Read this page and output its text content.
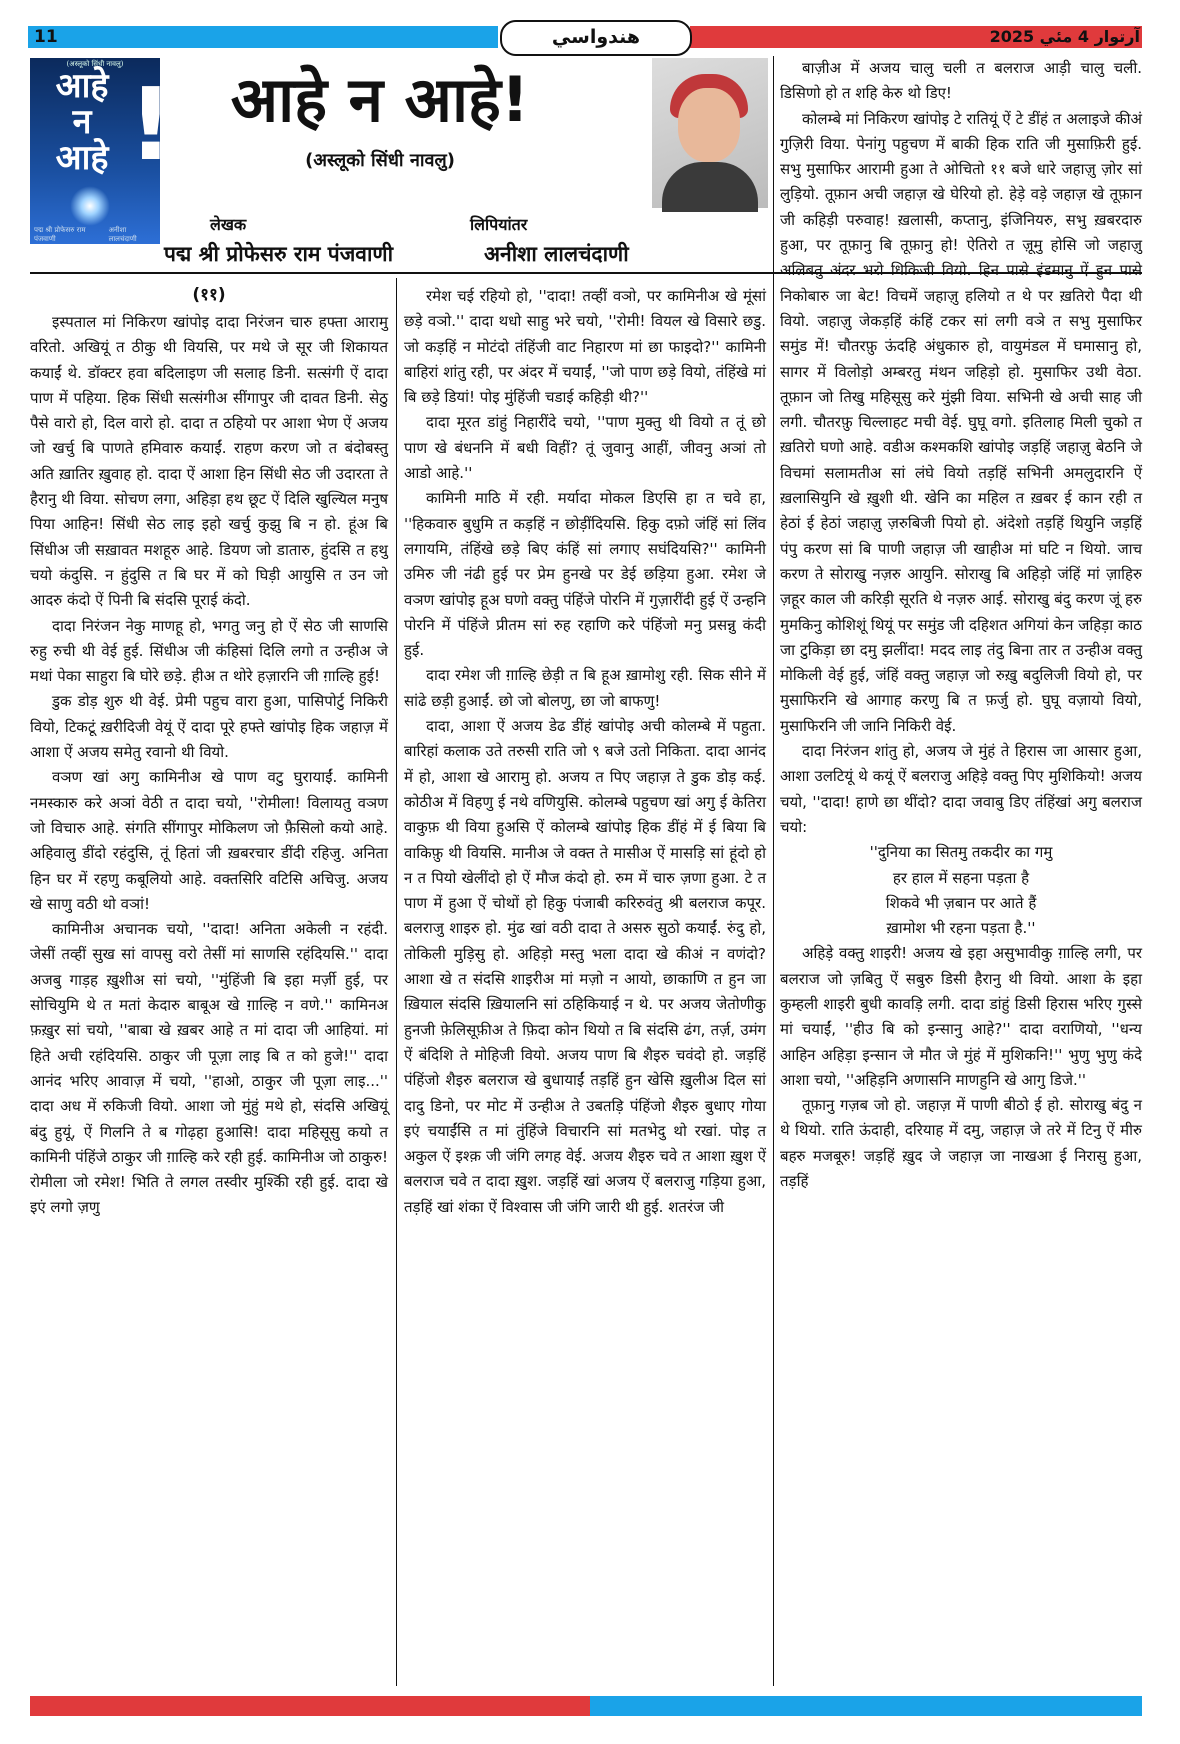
11	هندواسي	آرتوار 4 مئي 2025
(अस्लूको सिंधी नावलु)
आहे
न
आहे !
पद्म श्री प्रोफेसरु राम पंजवाणी
अनीशा लालचंदाणी
आहे न आहे!
(अस्लूको सिंधी नावलु)
लेखक	लिपियांतर
पद्म श्री प्रोफेसरु राम पंजवाणी	अनीशा लालचंदाणी
(११)

इस्पताल मां निकिरण खांपोइ दादा निरंजन चारु हफ्ता आरामु वरितो. अखियूं त ठीकु थी वियसि, पर मथे जे सूर जी शिकायत कयाईं थे. डॉक्टर हवा बदिलाइण जी सलाह डिनी. सत्संगी ऐं दादा पाण में पहिया. हिक सिंधी सत्संगीअ सींगापुर जी दावत डिनी. सेठु पैसे वारो हो, दिल वारो हो. दादा त ठहियो पर आशा भेण ऐं अजय जो खर्चु बि पाणते हमिवारु कयाईं. राहण करण जो त बंदोबस्तु अति ख़ातिर ख़ुवाह हो. दादा ऐं आशा हिन सिंधी सेठ जी उदारता ते हैरानु थी विया. सोचण लगा, अहिड़ा हथ छूट ऐं दिलि खुल्यिल मनुष पिया आहिन! सिंधी सेठ लाइ इहो खर्चु कुझु बि न हो. हूंअ बि सिंधीअ जी सख़ावत मशहूरु आहे. डियण जो डातारु, हुंदसि त हथु चयो कंदुसि. न हुंदुसि त बि घर में को घिड़ी आयुसि त उन जो आदरु कंदो ऐं पिनी बि संदसि पूराई कंदो.

दादा निरंजन नेकु माणहू हो, भगतु जनु हो ऐं सेठ जी साणसि रुहु रुची थी वेई हुई. सिंधीअ जी कंहिसां दिलि लगो त उन्हीअ जे मथां पेका साहुरा बि घोरे छड़े. हीअ त थोरे हज़ारनि जी ग़ाल्हि हुई!

डुक डोड़ शुरु थी वेई. प्रेमी पहुच वारा हुआ, पासिपोर्टु निकिरी वियो, टिकटूं ख़रीदिजी वेयूं ऐं दादा पूरे हफ्ते खांपोइ हिक जहाज़ में आशा ऐं अजय समेतु रवानो थी वियो.

वञण खां अगु कामिनीअ खे पाण वटु घुरायाईं. कामिनी नमस्कारु करे अञां वेठी त दादा चयो, ''रोमीला! विलायतु वञण जो विचारु आहे. संगति सींगापुर मोकिलण जो फ़ैसिलो कयो आहे. अहिवालु डींदो रहंदुसि, तूं हितां जी ख़बरचार डींदी रहिजु. अनिता हिन घर में रहणु कबूलियो आहे. वक्तसिरि वटिसि अचिजु. अजय खे साणु वठी थो वञां!

कामिनीअ अचानक चयो, ''दादा! अनिता अकेली न रहंदी. जेसीं तव्हीं सुख सां वापसु वरो तेसीं मां साणसि रहंदियसि.'' दादा अजबु गाड़ह ख़ुशीअ सां चयो, ''मुंहिंजी बि इहा मर्ज़ी हुई, पर सोचियुमि थे त मतां केदारु बाबूअ खे ग़ाल्हि न वणे.'' कामिनअ फ़ख़ुर सां चयो, ''बाबा खे ख़बर आहे त मां दादा जी आहियां. मां हिते अची रहंदियसि. ठाकुर जी पूज़ा लाइ बि त को हुजे!'' दादा आनंद भरिए आवाज़ में चयो, ''हाओ, ठाकुर जी पूज़ा लाइ...'' दादा अध में रुकिजी वियो. आशा जो मुंहुं मथे हो, संदसि अखियूं बंदु हुयूं, ऐं गिलनि ते ब गोढ़हा हुआसि! दादा महिसूसु कयो त कामिनी पंहिंजे ठाकुर जी ग़ाल्हि करे रही हुई. कामिनीअ जो ठाकुरु! रोमीला जो रमेश! भिति ते लगल तस्वीर मुश्किी रही हुई. दादा खे इएं लगो ज़णु

रमेश चई रहियो हो, ''दादा! तव्हीं वञो, पर कामिनीअ खे मूंसां छड़े वञो.'' दादा थधो साहु भरे चयो, ''रोमी! वियल खे विसारे छडु. जो कड़हिं न मोटंदो तंहिंजी वाट निहारण मां छा फाइदो?'' कामिनी बाहिरां शांतु रही, पर अंदर में चयाईं, ''जो पाण छड़े वियो, तंहिंखे मां बि छड़े डियां! पोइ मुंहिंजी चडाई कहिड़ी थी?''

दादा मूरत डांहुं निहारींदे चयो, ''पाण मुक्तु थी वियो त तूं छो पाण खे बंधननि में बधी विहीं? तूं जुवानु आहीं, जीवनु अञां तो आडो आहे.''

कामिनी माठि में रही. मर्यादा मोकल डिएसि हा त चवे हा, ''हिकवारु बुधुमि त कड़हिं न छोड़ींदियसि. हिकु दफ़ो जंहिं सां लिंव लगायमि, तंहिंखे छड़े बिए कंहिं सां लगाए सघंदियसि?'' कामिनी उमिरु जी नंढी हुई पर प्रेम हुनखे पर डेई छड़िया हुआ. रमेश जे वञण खांपोइ हूअ घणो वक्तु पंहिंजे पोरनि में गुज़ारींदी हुई ऐं उन्हनि पोरनि में पंहिंजे प्रीतम सां रुह रहाणि करे पंहिंजो मनु प्रसन्नु कंदी हुई.

दादा रमेश जी ग़ाल्हि छेड़ी त बि हूअ ख़ामोशु रही. सिक सीने में सांढे छड़ी हुआईं. छो जो बोलणु, छा जो बाफणु!

दादा, आशा ऐं अजय डेढ डींहं खांपोइ अची कोलम्बे में पहुता. बारिहां कलाक उते तरुसी राति जो ९ बजे उतो निकिता. दादा आनंद में हो, आशा खे आरामु हो. अजय त पिए जहाज़ ते डुक डोड़ कई. कोठीअ में विहणु ई नथे वणियुसि. कोलम्बे पहुचण खां अगु ई केतिरा वाकुफ़ थी विया हुअसि ऐं कोलम्बे खांपोइ हिक डींहं में ई बिया बि वाकिफ़ु थी वियसि. मानीअ जे वक्त ते मासीअ ऐं मासड़ि सां हूंदो हो न त पियो खेलींदो हो ऐं मौज कंदो हो. रुम में चारु ज़णा हुआ. टे त पाण में हुआ ऐं चोथों हो हिकु पंजाबी करिरुवंतु श्री बलराज कपूर. बलराजु शाइरु हो. मुंढ खां वठी दादा ते असरु सुठो कयाईं. रुंदु हो, तोकिली मुड़िसु हो. अहिड़ो मस्तु भला दादा खे कीअं न वणंदो? आशा खे त संदसि शाइरीअ मां मज़ो न आयो, छाकाणि त हुन जा ख़ियाल संदसि ख़ियालनि सां ठहिकियाई न थे. पर अजय जेतोणीकु हुनजी फ़ेलिसूफ़ीअ ते फ़िदा कोन थियो त बि संदसि ढंग, तर्ज़, उमंग ऐं बंदिशि ते मोहिजी वियो. अजय पाण बि शैइरु चवंदो हो. जड़हिं पंहिंजो शैइरु बलराज खे बुधायाईं तड़हिं हुन खेसि ख़ुलीअ दिल सां दादु डिनो, पर मोट में उन्हीअ ते उबतड़ि पंहिंजो शैइरु बुधाए गोया इएं चयाईंसि त मां तुंहिंजे विचारनि सां मतभेदु थो रखां. पोइ त अकुल ऐं इश्क़ जी जंगि लगह वेई. अजय शैइरु चवे त आशा ख़ुश ऐं बलराज चवे त दादा ख़ुश. जड़हिं खां अजय ऐं बलराजु गड़िया हुआ, तड़हिं खां शंका ऐं विश्वास जी जंगि जारी थी हुई. शतरंज जी

बाज़ीअ में अजय चालु चली त बलराज आड़ी चालु चली. डिसिणो हो त शहि केरु थो डिए!

कोलम्बे मां निकिरण खांपोइ टे रातियूं ऐं टे डींहं त अलाइजे कीअं गुज़िरी विया. पेनांगु पहुचण में बाकी हिक राति जी मुसाफ़िरी हुई. सभु मुसाफिर आरामी हुआ ते ओचितो ११ बजे धारे जहाज़ु ज़ोर सां लुड़ियो. तूफ़ान अची जहाज़ खे घेरियो हो. हेड़े वड़े जहाज़ खे तूफ़ान जी कहिड़ी परुवाह! ख़लासी, कप्तानु, इंजिनियरु, सभु ख़बरदारु हुआ, पर तूफ़ानु बि तूफ़ानु हो! ऐतिरो त ज़ूमु होसि जो जहाज़ु अलिबतु अंदर भरो धिकिजी वियो. हिन पासे इंडमानु ऐं हुन पासे निकोबारु जा बेट! विचमें जहाज़ु हलियो त थे पर ख़तिरो पैदा थी वियो. जहाज़ु जेकड़हिं कंहिं टकर सां लगी वञे त सभु मुसाफिर समुंड में! चौतरफ़ु ऊंदहि अंधुकारु हो, वायुमंडल में घमासानु हो, सागर में विलोड़ो अम्बरतु मंथन जहिड़ो हो. मुसाफिर उथी वेठा. तूफ़ान जो तिखु महिसूसु करे मुंझी विया. सभिनी खे अची साह जी लगी. चौतरफ़ु चिल्लाहट मची वेई. घुघू वगो. इतिलाह मिली चुको त ख़तिरो घणो आहे. वडीअ कश्मकशि खांपोइ जड़हिं जहाज़ु बेठनि जे विचमां सलामतीअ सां लंघे वियो तड़हिं सभिनी अमलुदारनि ऐं ख़लासियुनि खे ख़ुशी थी. खेनि का महिल त ख़बर ई कान रही त हेठां ई हेठां जहाज़ु ज़रुबिजी पियो हो. अंदेशो तड़हिं थियुनि जड़हिं पंपु करण सां बि पाणी जहाज़ जी खाहीअ मां घटि न थियो. जाच करण ते सोराखु नज़रु आयुनि. सोराखु बि अहिड़ो जंहिं मां ज़ाहिरु ज़हूर काल जी करिड़ी सूरति थे नज़रु आई. सोराखु बंदु करण जूं हरु मुमकिनु कोशिशूं थियूं पर समुंड जी दहिशत अगियां केन जहिड़ा काठ जा टुकिड़ा छा दमु झलींदा! मदद लाइ तंदु बिना तार त उन्हीअ वक्तु मोकिली वेई हुई, जंहिं वक्तु जहाज़ जो रुख़ु बदुलिजी वियो हो, पर मुसाफिरनि खे आगाह करणु बि त फ़र्जु हो. घुघू वज़ायो वियो, मुसाफिरनि जी जानि निकिरी वेई.

दादा निरंजन शांतु हो, अजय जे मुंहं ते हिरास जा आसार हुआ, आशा उलटियूं थे कयूं ऐं बलराजु अहिड़े वक्तु पिए मुशिकियो! अजय चयो, ''दादा! हाणे छा थींदो? दादा जवाबु डिए तंहिंखां अगु बलराज चयो:

''दुनिया का सितमु तकदीर का गमु
हर हाल में सहना पड़ता है
शिकवे भी ज़बान पर आते हैं
ख़ामोश भी रहना पड़ता है.''

अहिड़े वक्तु शाइरी! अजय खे इहा असुभावीकु ग़ाल्हि लगी, पर बलराज जो ज़बितु ऐं सबुरु डिसी हैरानु थी वियो. आशा के इहा कुम्हली शाइरी बुधी कावड़ि लगी. दादा डांहुं डिसी हिरास भरिए गुस्से मां चयाईं, ''हीउ बि को इन्सानु आहे?'' दादा वराणियो, ''धन्य आहिन अहिड़ा इन्सान जे मौत जे मुंहं में मुशिकनि!'' भुणु भुणु कंदे आशा चयो, ''अहिड़नि अणासनि माणहुनि खे आगु डिजे.''

तूफ़ानु गज़ब जो हो. जहाज़ में पाणी बीठो ई हो. सोराखु बंदु न थे थियो. राति ऊंदाही, दरियाह में दमु, जहाज़ जे तरे में टिनु ऐं मीरु बहरु मजबूरु! जड़हिं ख़ुद जे जहाज़ जा नाखआ ई निरासु हुआ, तड़हिं
